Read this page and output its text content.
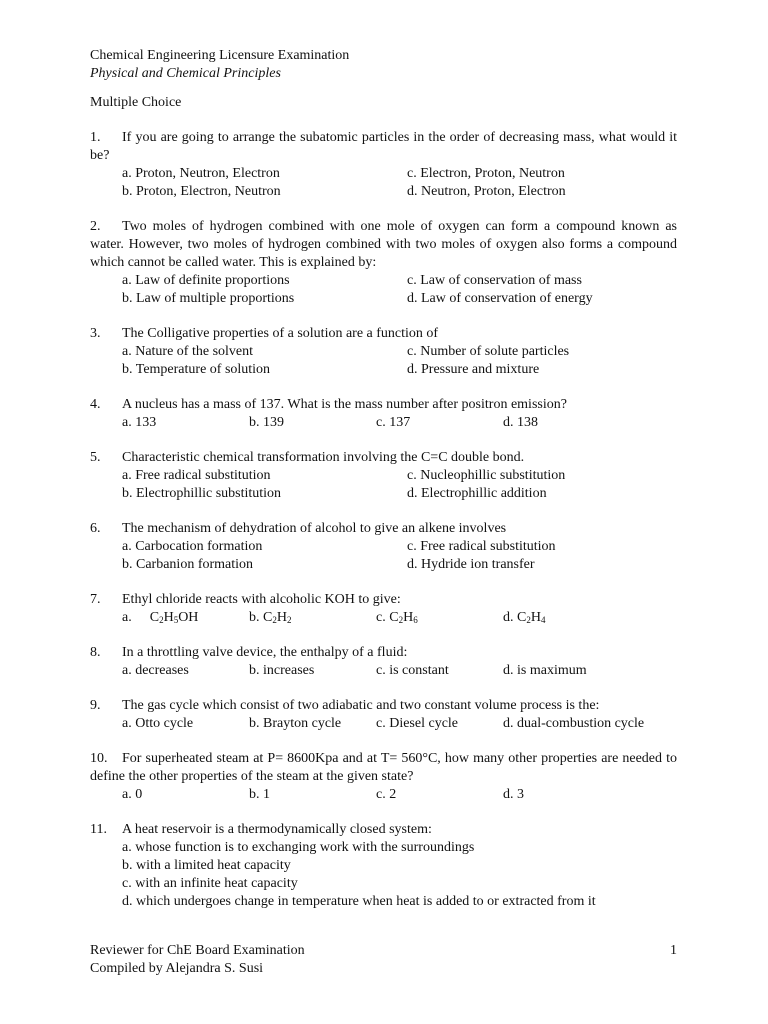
Chemical Engineering Licensure Examination
Physical and Chemical Principles
Multiple Choice
1. If you are going to arrange the subatomic particles in the order of decreasing mass, what would it be?
a. Proton, Neutron, Electron	c. Electron, Proton, Neutron
b. Proton, Electron, Neutron	d. Neutron, Proton, Electron
2. Two moles of hydrogen combined with one mole of oxygen can form a compound known as water. However, two moles of hydrogen combined with two moles of oxygen also forms a compound which cannot be called water. This is explained by:
a. Law of definite proportions	c. Law of conservation of mass
b. Law of multiple proportions	d. Law of conservation of energy
3. The Colligative properties of a solution are a function of
a. Nature of the solvent	c. Number of solute particles
b. Temperature of solution	d. Pressure and mixture
4. A nucleus has a mass of 137. What is the mass number after positron emission?
a. 133	b. 139	c. 137	d. 138
5. Characteristic chemical transformation involving the C=C double bond.
a. Free radical substitution	c. Nucleophillic substitution
b. Electrophillic substitution	d. Electrophillic addition
6. The mechanism of dehydration of alcohol to give an alkene involves
a. Carbocation formation	c. Free radical substitution
b. Carbanion formation	d. Hydride ion transfer
7. Ethyl chloride reacts with alcoholic KOH to give:
a. $C_2H_5OH$	b. $C_2H_2$	c. $C_2H_6$	d. $C_2H_4$
8. In a throttling valve device, the enthalpy of a fluid:
a. decreases	b. increases	c. is constant	d. is maximum
9. The gas cycle which consist of two adiabatic and two constant volume process is the:
a. Otto cycle	b. Brayton cycle	c. Diesel cycle	d. dual-combustion cycle
10. For superheated steam at P= 8600Kpa and at T= 560°C, how many other properties are needed to define the other properties of the steam at the given state?
a. 0	b. 1	c. 2	d. 3
11. A heat reservoir is a thermodynamically closed system:
a. whose function is to exchanging work with the surroundings
b. with a limited heat capacity
c. with an infinite heat capacity
d. which undergoes change in temperature when heat is added to or extracted from it
Reviewer for ChE Board Examination	1
Compiled by Alejandra S. Susi
